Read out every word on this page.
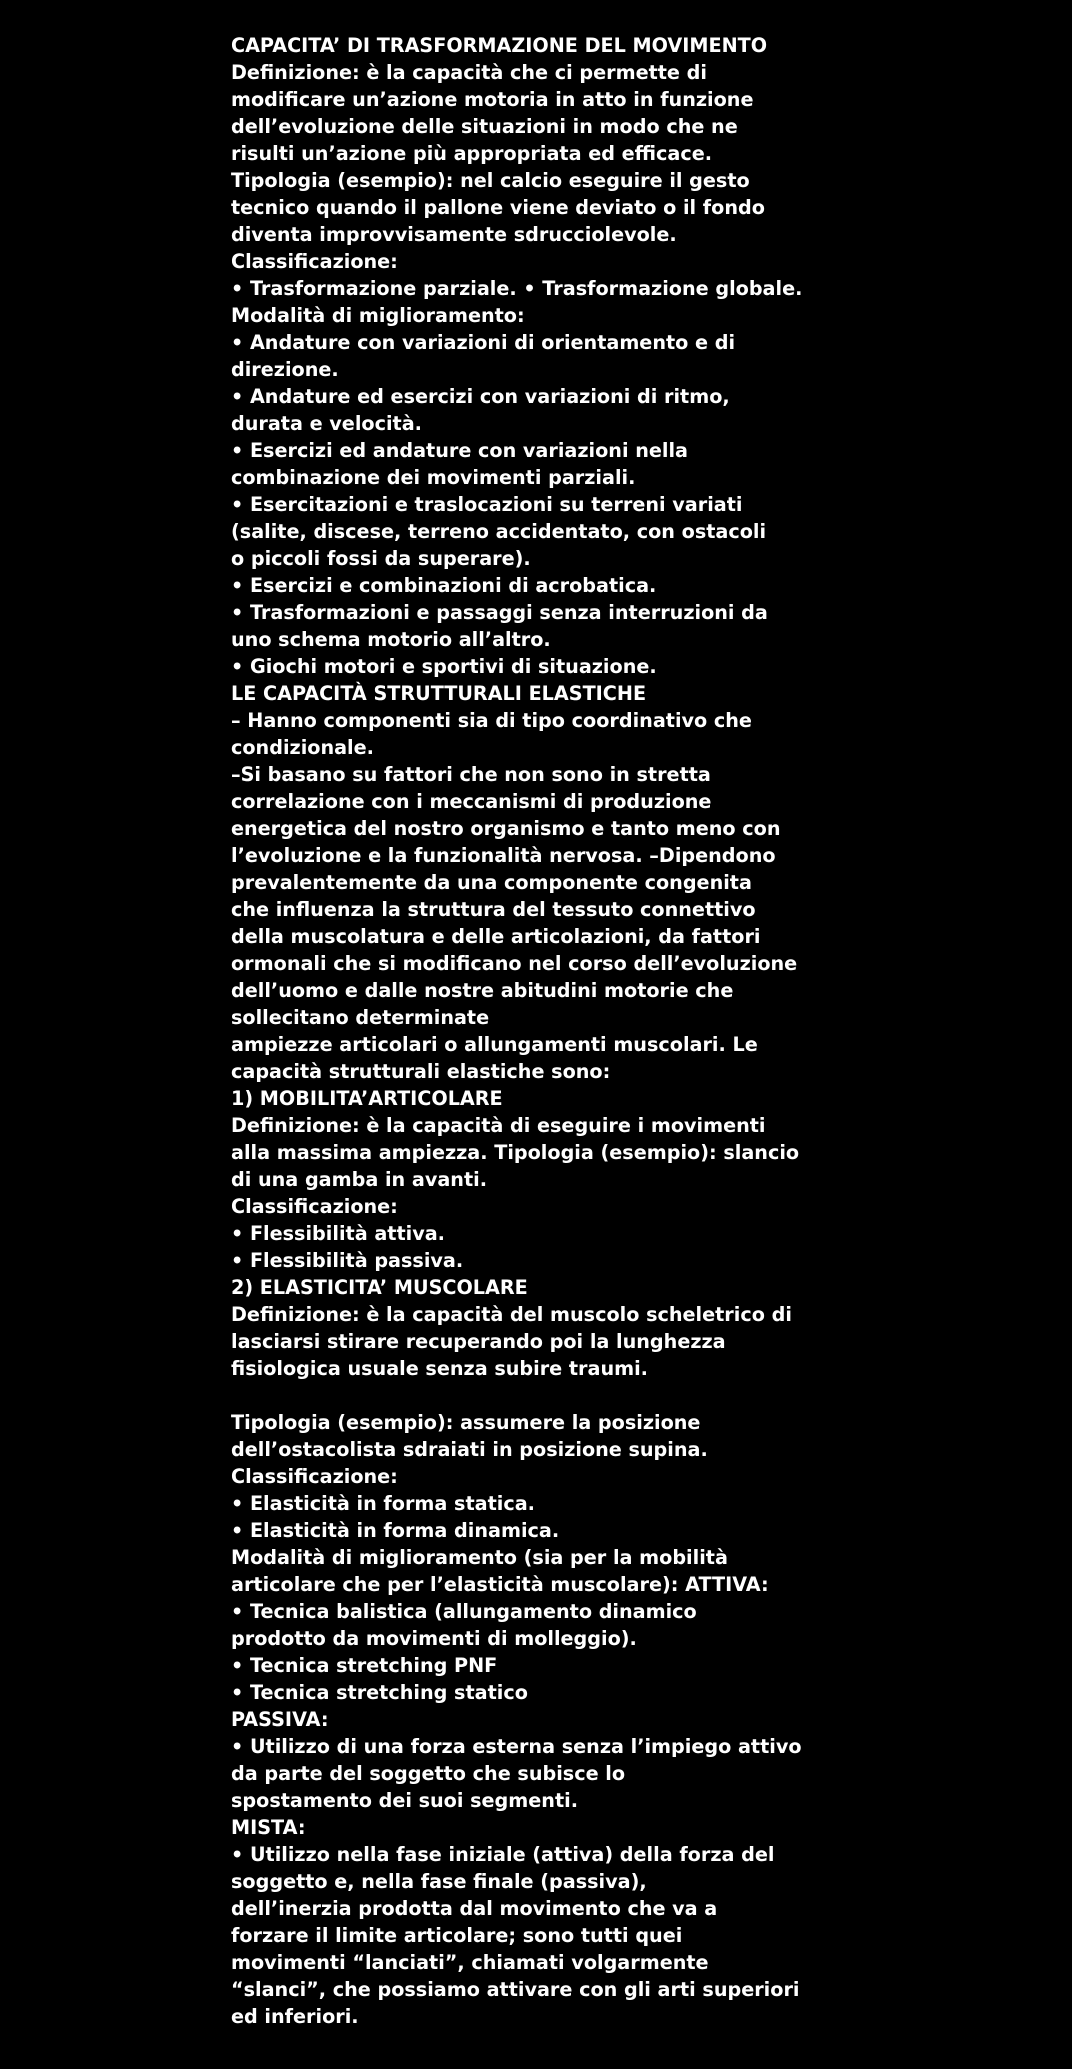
CAPACITA’ DI TRASFORMAZIONE DEL MOVIMENTO
Definizione: è la capacità che ci permette di
modificare un’azione motoria in atto in funzione
dell’evoluzione delle situazioni in modo che ne
risulti un’azione più appropriata ed efficace.
Tipologia (esempio): nel calcio eseguire il gesto
tecnico quando il pallone viene deviato o il fondo
diventa improvvisamente sdrucciolevole.
Classificazione:
• Trasformazione parziale. • Trasformazione globale.
Modalità di miglioramento:
• Andature con variazioni di orientamento e di
direzione.
• Andature ed esercizi con variazioni di ritmo,
durata e velocità.
• Esercizi ed andature con variazioni nella
combinazione dei movimenti parziali.
• Esercitazioni e traslocazioni su terreni variati
(salite, discese, terreno accidentato, con ostacoli
o piccoli fossi da superare).
• Esercizi e combinazioni di acrobatica.
• Trasformazioni e passaggi senza interruzioni da
uno schema motorio all’altro.
• Giochi motori e sportivi di situazione.
LE CAPACITÀ STRUTTURALI ELASTICHE
– Hanno componenti sia di tipo coordinativo che
condizionale.
–Si basano su fattori che non sono in stretta
correlazione con i meccanismi di produzione
energetica del nostro organismo e tanto meno con
l’evoluzione e la funzionalità nervosa. –Dipendono
prevalentemente da una componente congenita
che influenza la struttura del tessuto connettivo
della muscolatura e delle articolazioni, da fattori
ormonali che si modificano nel corso dell’evoluzione
dell’uomo e dalle nostre abitudini motorie che
sollecitano determinate
ampiezze articolari o allungamenti muscolari. Le
capacità strutturali elastiche sono:
1) MOBILITA’ARTICOLARE
Definizione: è la capacità di eseguire i movimenti
alla massima ampiezza. Tipologia (esempio): slancio
di una gamba in avanti.
Classificazione:
• Flessibilità attiva.
• Flessibilità passiva.
2) ELASTICITA’ MUSCOLARE
Definizione: è la capacità del muscolo scheletrico di
lasciarsi stirare recuperando poi la lunghezza
fisiologica usuale senza subire traumi.
Tipologia (esempio): assumere la posizione
dell’ostacolista sdraiati in posizione supina.
Classificazione:
• Elasticità in forma statica.
• Elasticità in forma dinamica.
Modalità di miglioramento (sia per la mobilità
articolare che per l’elasticità muscolare): ATTIVA:
• Tecnica balistica (allungamento dinamico
prodotto da movimenti di molleggio).
• Tecnica stretching PNF
• Tecnica stretching statico
PASSIVA:
• Utilizzo di una forza esterna senza l’impiego attivo
da parte del soggetto che subisce lo
spostamento dei suoi segmenti.
MISTA:
• Utilizzo nella fase iniziale (attiva) della forza del
soggetto e, nella fase finale (passiva),
dell’inerzia prodotta dal movimento che va a
forzare il limite articolare; sono tutti quei
movimenti “lanciati”, chiamati volgarmente
“slanci”, che possiamo attivare con gli arti superiori
ed inferiori.
